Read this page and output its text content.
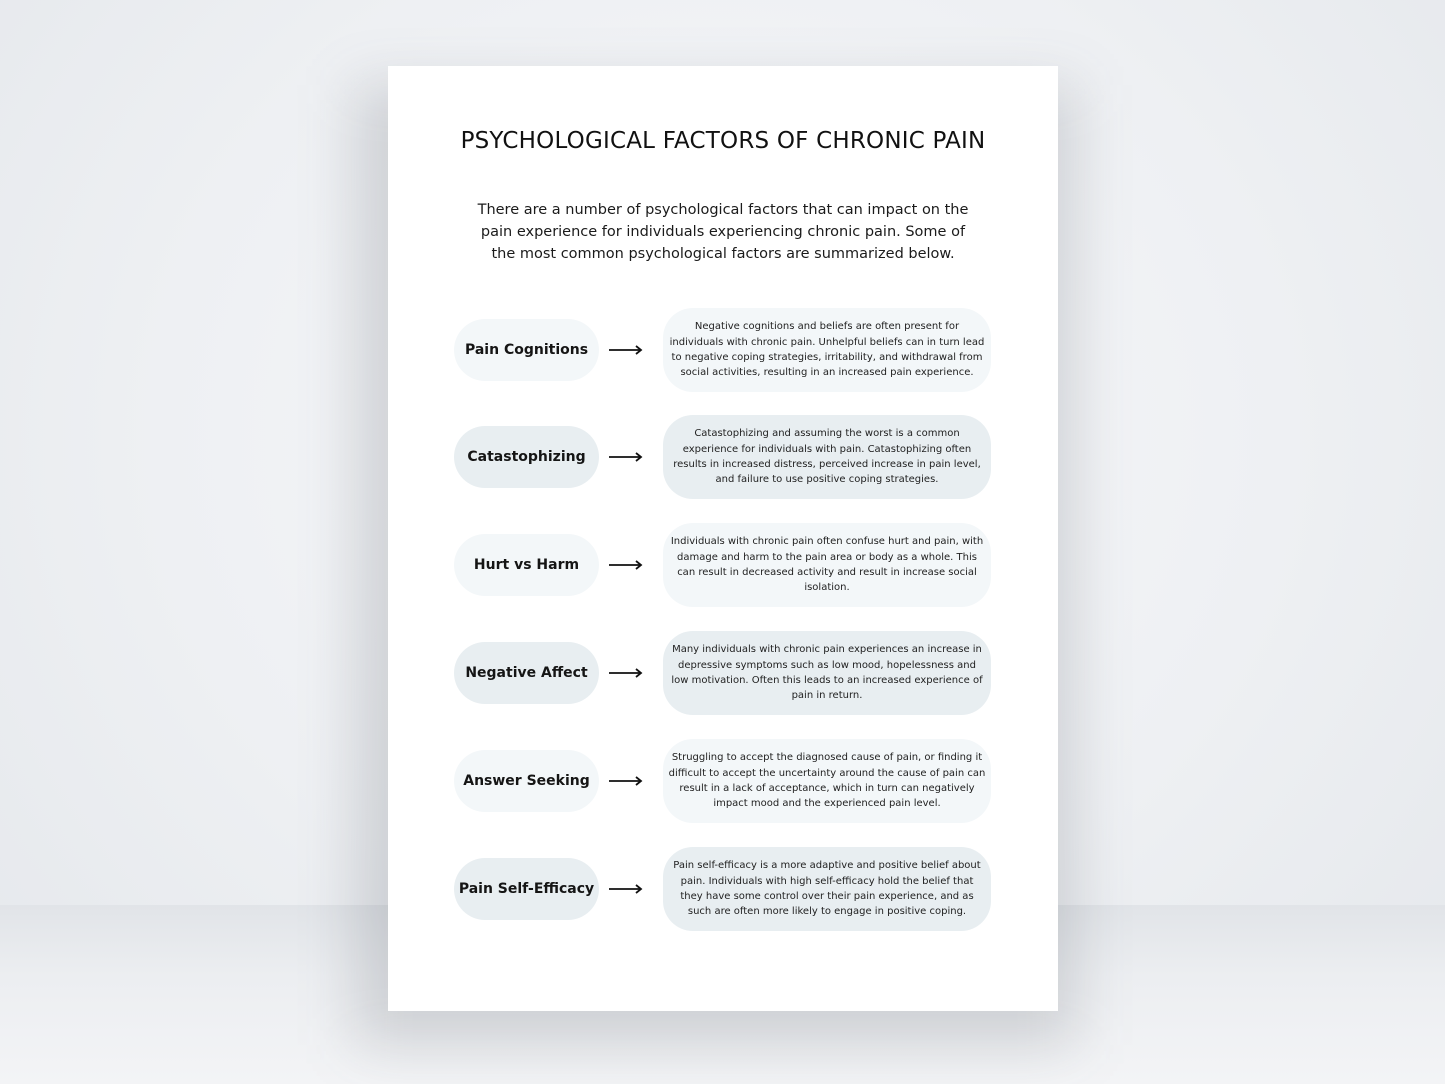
PSYCHOLOGICAL FACTORS OF CHRONIC PAIN

There are a number of psychological factors that can impact on the pain experience for individuals experiencing chronic pain. Some of the most common psychological factors are summarized below.

Pain Cognitions
Negative cognitions and beliefs are often present for individuals with chronic pain. Unhelpful beliefs can in turn lead to negative coping strategies, irritability, and withdrawal from social activities, resulting in an increased pain experience.
Catastophizing
Catastophizing and assuming the worst is a common experience for individuals with pain. Catastophizing often results in increased distress, perceived increase in pain level, and failure to use positive coping strategies.
Hurt vs Harm
Individuals with chronic pain often confuse hurt and pain, with damage and harm to the pain area or body as a whole. This can result in decreased activity and result in increase social isolation.
Negative Affect
Many individuals with chronic pain experiences an increase in depressive symptoms such as low mood, hopelessness and low motivation. Often this leads to an increased experience of pain in return.
Answer Seeking
Struggling to accept the diagnosed cause of pain, or finding it difficult to accept the uncertainty around the cause of pain can result in a lack of acceptance, which in turn can negatively impact mood and the experienced pain level.
Pain Self-Efficacy
Pain self-efficacy is a more adaptive and positive belief about pain. Individuals with high self-efficacy hold the belief that they have some control over their pain experience, and as such are often more likely to engage in positive coping.
